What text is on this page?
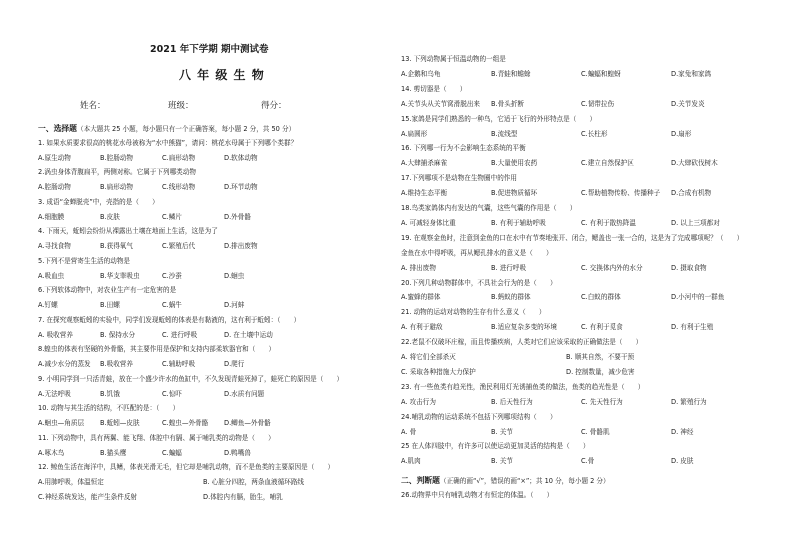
2021 年下学期 期中测试卷
八 年 级 生 物
姓名：	班级：	得分：
一、选择题（本大题共 25 小题，每小题只有一个正确答案，每小题 2 分，共 50 分）
1. 如果水质要求很高的桃花水母被称为“水中熊猫”，请问：桃花水母属于下列哪个类群？
A.原生动物	B.腔肠动物	C.扁形动物	D.软体动物
2.涡虫身体背腹扁平，两侧对称。它属于下列哪类动物
A.腔肠动物	B.扁形动物	C.线形动物	D.环节动物
3. 成语“金蝉脱壳”中，壳指的是（　　）
A.细胞膜	B.皮肤	C.鳞片	D.外骨骼
4. 下雨天，蚯蚓会纷纷从裸露出土壤在地面上生活，这是为了
A.寻找食物	B.获得氧气	C.繁殖后代	D.排出废物
5.下列不是营寄生生活的动物是
A.吸血虫	B.华支睾吸虫	C.沙蚕	D.蛔虫
6.下列软体动物中，对农业生产有一定危害的是
A.钉螺	B.田螺	C.蜗牛	D.河蚌
7. 在探究观察蚯蚓的实验中，同学们发现蚯蚓的体表是有黏液的，这有利于蚯蚓：（　　）
A. 吸收营养	B. 保持水分	C. 进行呼吸	D. 在土壤中运动
8.蝗虫的体表有坚硬的外骨骼，其主要作用是保护和支持内部柔软器官和（　　）
A.减少水分的蒸发 B.吸收营养	C.辅助呼吸	D.爬行
9. 小明同学到一只活青蛙，放在一个盛少许水的鱼缸中，不久发现青蛙死掉了，蛙死亡的原因是（　　）
A.无法呼吸	B.饥饿	C.惊吓	D.水质有问题
10. 动物与其生活的结构，不匹配的是：（　　）
A.蛔虫—角质层 B.蚯蚓—皮肤	C.蝗虫—外骨骼 D.鲫鱼—外骨骼
11. 下列动物中，具有两翼、能飞翔、体腔中有膈、属于哺乳类的动物是（　　）
A.啄木鸟	B.猫头鹰	C.蝙蝠	D.鸭嘴兽
12. 鲸鱼生活在海洋中，具鳍，体表光滑无毛，但它却是哺乳动物，而不是鱼类的主要原因是（　　）
A.用肺呼吸，体温恒定	B. 心脏分四腔，两条血液循环路线
C.神经系统发达，能产生条件反射	D.体腔内有膈，胎生，哺乳
13. 下列动物属于恒温动物的一组是
A.企鹅和乌龟	B.青蛙和蟾蜍	C.蝙蝠和蝗蚜	D.家兔和家鸽
14. 剪切器是（　　）
A.关节头从关节窝滑脱出来 B.骨头折断	C.韧带拉伤	D.关节发炎
15.家鸽是同学们熟悉的一种鸟，它适于飞行的外形特点是（　　）
A.扁圆形	B.流线型	C.长柱形	D.扇形
16. 下列哪一行为不会影响生态系统的平衡
A.大肆捕杀麻雀	B.大量使用农药	C.建立自然保护区	D.大肆砍伐树木
17.下列哪项不是动物在生物圈中的作用
A.维持生态平衡	B.促进物质循环	C.帮助植物传粉、传播种子 D.合成有机物
18.鸟类家鸽体内有发达的气囊，这些气囊的作用是（　　）
A. 可减轻身体比重	B. 有利于辅助呼吸	C. 有利于散热降温	D. 以上三项都对
19. 在观察金鱼时，注意到金鱼的口在水中有节奏地张开、闭合，鳃盖也一张一合的，这是为了完成哪项呢？（　　）
金鱼在水中得呼吸，再从鳃孔排水的意义是（　　）
A. 排出废物	B. 进行呼吸	C. 交换体内外的水分	D. 摄取食物
20.下列几种动物群体中，不具社会行为的是（　　）
A.蜜蜂的群体	B.蚂蚁的群体	C.白蚁的群体	D.小河中的一群鱼
21. 动物的运动对动物的生存有什么意义（　　）
A. 有利于避敌	B.适应复杂多变的环境	C. 有利于觅食	D. 有利于生殖
22.老鼠不仅破坏庄稼，而且传播疾病，人类对它们应该采取的正确做法是（　　）
A. 将它们全部杀灭	B. 顺其自然，不要干预
C. 采取各种措施大力保护	D. 控制数量，减少危害
23. 有一些鱼类有趋光性，渔民利用灯光诱捕鱼类的做法，鱼类的趋光性是（　　）
A. 攻击行为	B. 后天性行为	C. 先天性行为	D. 繁殖行为
24.哺乳动物的运动系统不包括下列哪项结构（　　）
A. 骨	B. 关节	C. 骨骼肌	D. 神经
25 在人体四肢中，有许多可以使运动更加灵活的结构是（　　）
A.肌肉	B. 关节	C.骨	D. 皮肤
二、判断题（正确的画“√”，错误的画“×”；共 10 分，每小题 2 分）
26.动物界中只有哺乳动物才有恒定的体温。（　　）
